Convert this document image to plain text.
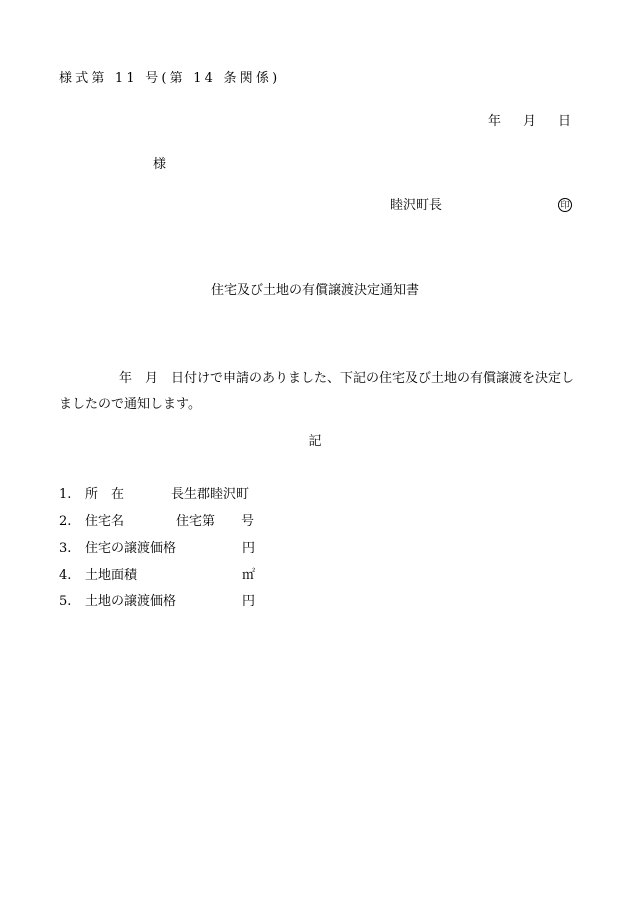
様式第 11 号(第 14 条関係)
年 月 日
様
睦沢町長	印
住宅及び土地の有償譲渡決定通知書
年　月　日付けで申請のありました、下記の住宅及び土地の有償譲渡を決定しましたので通知します。
記
1. 所　在	長生郡睦沢町
2. 住宅名	住宅第　　号
3. 住宅の譲渡価格	円
4. 土地面積	㎡
5. 土地の譲渡価格	円
